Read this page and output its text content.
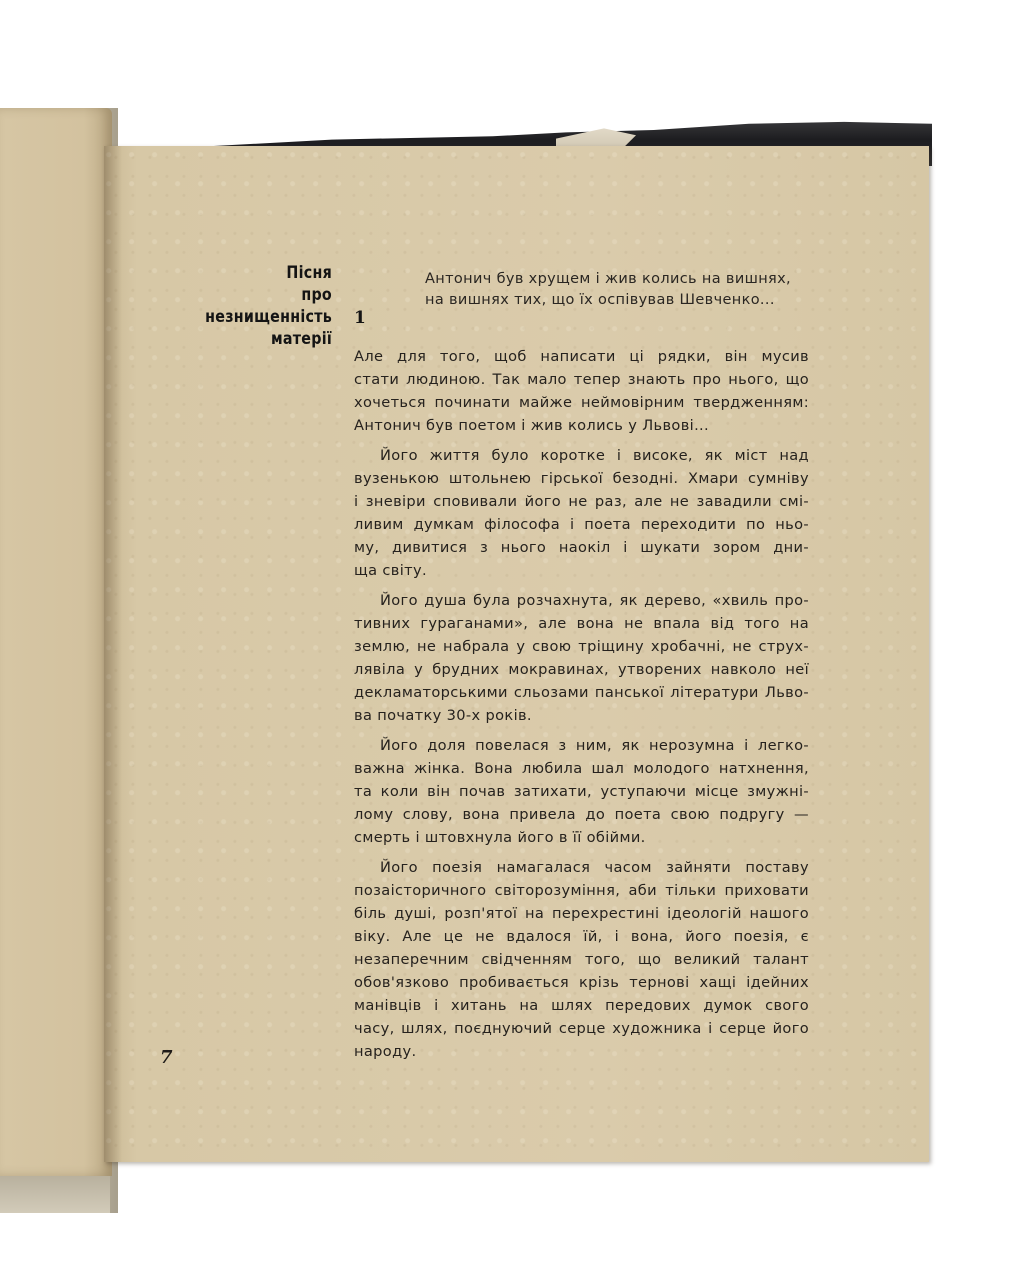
Пісня
про
незнищенність
матерії
Антонич був хрущем і жив колись на вишнях,
на вишнях тих, що їх оспівував Шевченко...
1
Але для того, щоб написати ці рядки, він мусив
стати людиною. Так мало тепер знають про нього, що
хочеться починати майже неймовірним твердженням:
Антонич був поетом і жив колись у Львові...
Його життя було коротке і високе, як міст над
вузенькою штольнею гірської безодні. Хмари сумніву
і зневіри сповивали його не раз, але не завадили смі-
ливим думкам філософа і поета переходити по ньо-
му, дивитися з нього наокіл і шукати зором дни-
ща світу.
Його душа була розчахнута, як дерево, «хвиль про-
тивних гураганами», але вона не впала від того на
землю, не набрала у свою тріщину хробачні, не струх-
лявіла у брудних мокравинах, утворених навколо неї
декламаторськими сльозами панської літератури Льво-
ва початку 30-х років.
Його доля повелася з ним, як нерозумна і легко-
важна жінка. Вона любила шал молодого натхнення,
та коли він почав затихати, уступаючи місце змужні-
лому слову, вона привела до поета свою подругу —
смерть і штовхнула його в її обійми.
Його поезія намагалася часом зайняти поставу
позаісторичного світорозуміння, аби тільки приховати
біль душі, розп'ятої на перехрестині ідеологій нашого
віку. Але це не вдалося їй, і вона, його поезія, є
незаперечним свідченням того, що великий талант
обов'язково пробивається крізь тернові хащі ідейних
манівців і хитань на шлях передових думок свого
часу, шлях, поєднуючий серце художника і серце його
народу.
7
